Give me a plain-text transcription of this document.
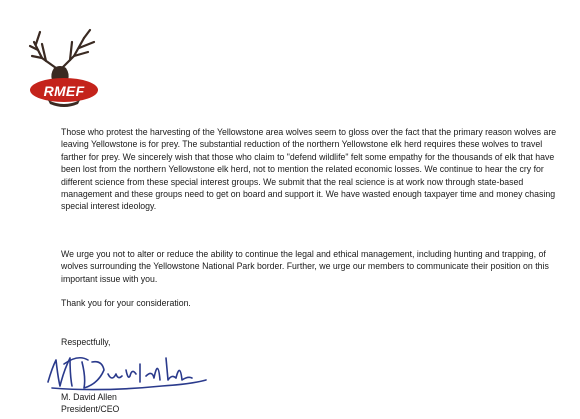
RMEF

Those who protest the harvesting of the Yellowstone area wolves seem to gloss over the fact that the primary reason wolves are leaving Yellowstone is for prey. The substantial reduction of the northern Yellowstone elk herd requires these wolves to travel farther for prey. We sincerely wish that those who claim to "defend wildlife" felt some empathy for the thousands of elk that have been lost from the northern Yellowstone elk herd, not to mention the related economic losses. We continue to hear the cry for different science from these special interest groups. We submit that the real science is at work now through state-based management and these groups need to get on board and support it. We have wasted enough taxpayer time and money chasing special interest ideology.

We urge you not to alter or reduce the ability to continue the legal and ethical management, including hunting and trapping, of wolves surrounding the Yellowstone National Park border. Further, we urge our members to communicate their position on this important issue with you.

Thank you for your consideration.

Respectfully,

M. David Allen

President/CEO
